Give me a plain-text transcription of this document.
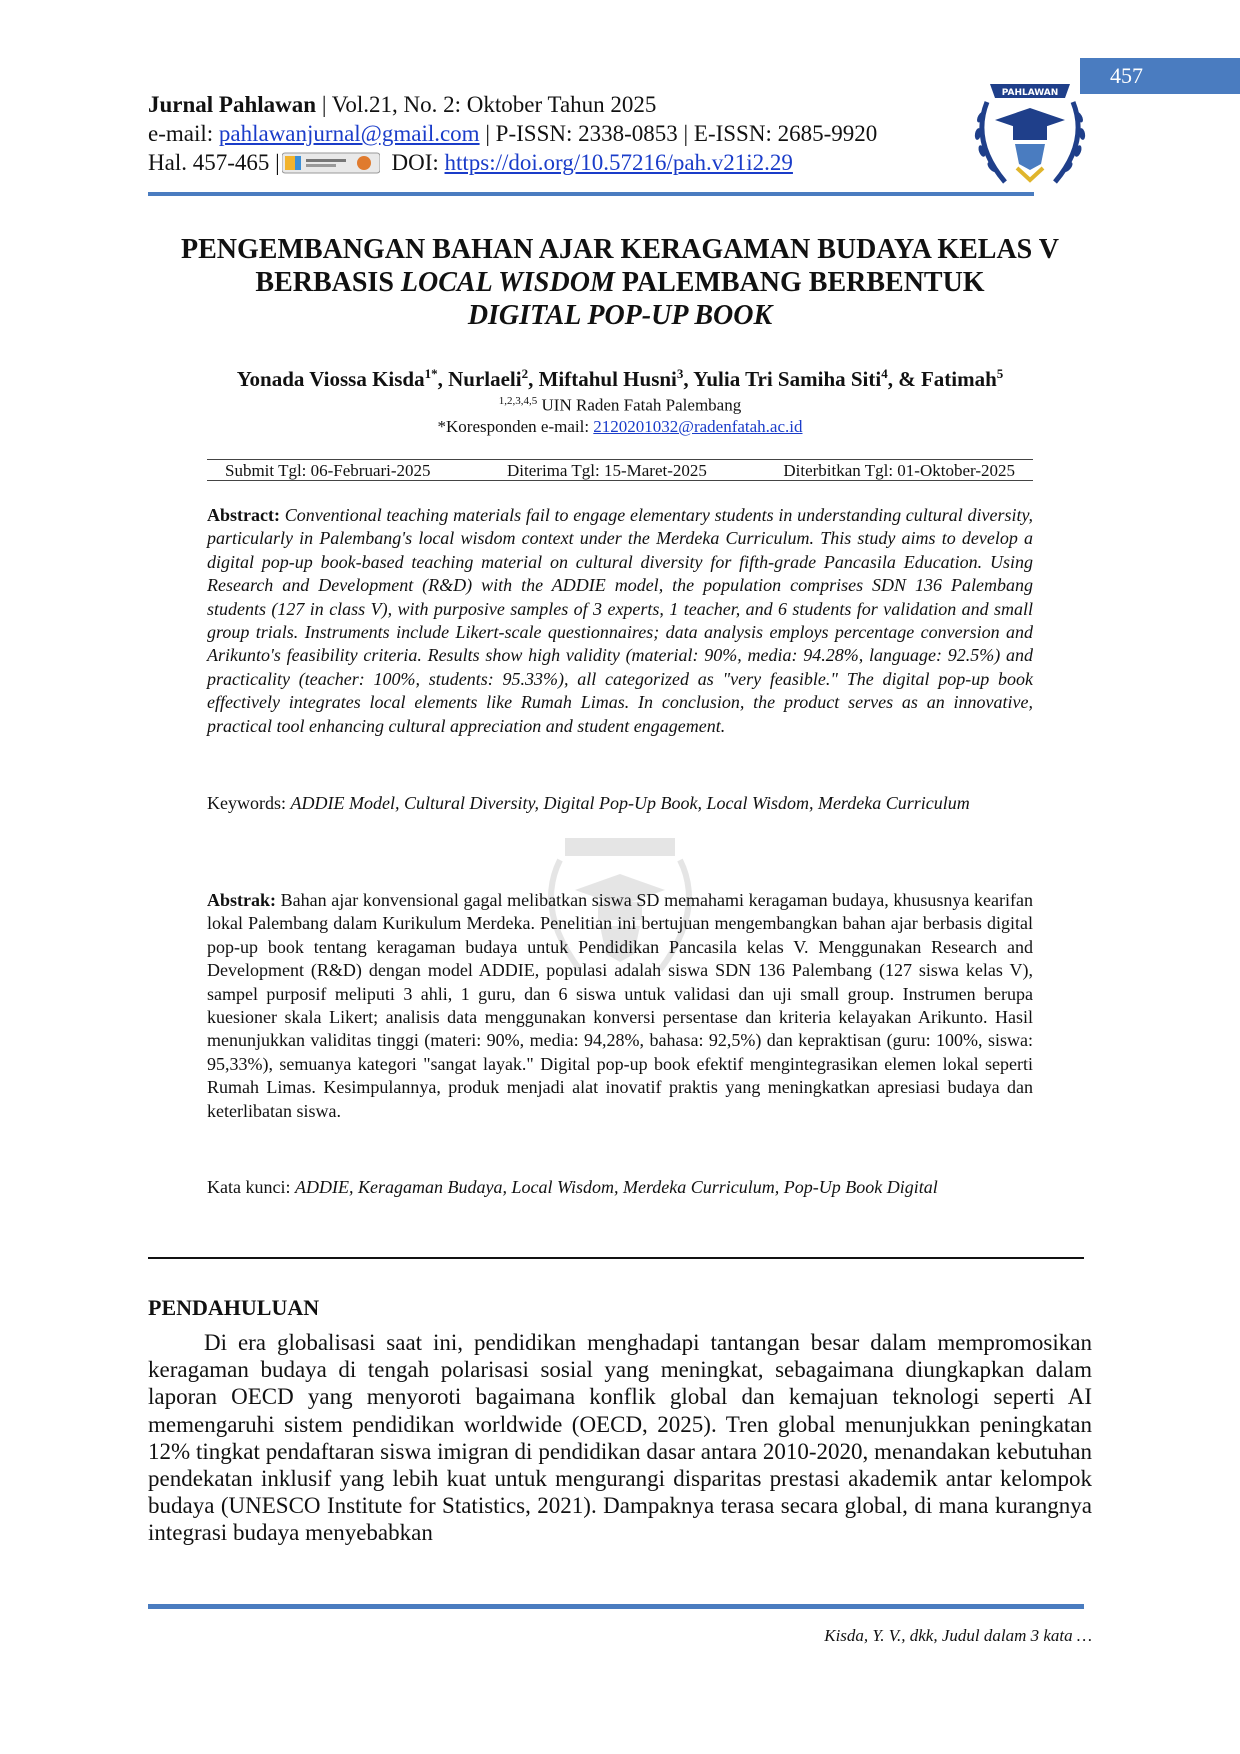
457
Jurnal Pahlawan | Vol.21, No. 2: Oktober Tahun 2025
e-mail: pahlawanjurnal@gmail.com | P-ISSN: 2338-0853 | E-ISSN: 2685-9920
Hal. 457-465 |	DOI: https://doi.org/10.57216/pah.v21i2.29
PAHLAWAN
PENGEMBANGAN BAHAN AJAR KERAGAMAN BUDAYA KELAS V
BERBASIS LOCAL WISDOM PALEMBANG BERBENTUK
DIGITAL POP-UP BOOK
Yonada Viossa Kisda$^{1*}$, Nurlaeli$^2$, Miftahul Husni$^3$, Yulia Tri Samiha Siti$^4$, & Fatimah$^5$
$^{1,2,3,4,5}$ UIN Raden Fatah Palembang
*Koresponden e-mail: 2120201032@radenfatah.ac.id
Submit Tgl: 06-Februari-2025	Diterima Tgl: 15-Maret-2025	Diterbitkan Tgl: 01-Oktober-2025
Abstract: Conventional teaching materials fail to engage elementary students in understanding cultural diversity, particularly in Palembang's local wisdom context under the Merdeka Curriculum. This study aims to develop a digital pop-up book-based teaching material on cultural diversity for fifth-grade Pancasila Education. Using Research and Development (R&D) with the ADDIE model, the population comprises SDN 136 Palembang students (127 in class V), with purposive samples of 3 experts, 1 teacher, and 6 students for validation and small group trials. Instruments include Likert-scale questionnaires; data analysis employs percentage conversion and Arikunto's feasibility criteria. Results show high validity (material: 90%, media: 94.28%, language: 92.5%) and practicality (teacher: 100%, students: 95.33%), all categorized as "very feasible." The digital pop-up book effectively integrates local elements like Rumah Limas. In conclusion, the product serves as an innovative, practical tool enhancing cultural appreciation and student engagement.
Keywords: ADDIE Model, Cultural Diversity, Digital Pop-Up Book, Local Wisdom, Merdeka Curriculum
Abstrak: Bahan ajar konvensional gagal melibatkan siswa SD memahami keragaman budaya, khususnya kearifan lokal Palembang dalam Kurikulum Merdeka. Penelitian ini bertujuan mengembangkan bahan ajar berbasis digital pop-up book tentang keragaman budaya untuk Pendidikan Pancasila kelas V. Menggunakan Research and Development (R&D) dengan model ADDIE, populasi adalah siswa SDN 136 Palembang (127 siswa kelas V), sampel purposif meliputi 3 ahli, 1 guru, dan 6 siswa untuk validasi dan uji small group. Instrumen berupa kuesioner skala Likert; analisis data menggunakan konversi persentase dan kriteria kelayakan Arikunto. Hasil menunjukkan validitas tinggi (materi: 90%, media: 94,28%, bahasa: 92,5%) dan kepraktisan (guru: 100%, siswa: 95,33%), semuanya kategori "sangat layak." Digital pop-up book efektif mengintegrasikan elemen lokal seperti Rumah Limas. Kesimpulannya, produk menjadi alat inovatif praktis yang meningkatkan apresiasi budaya dan keterlibatan siswa.
Kata kunci: ADDIE, Keragaman Budaya, Local Wisdom, Merdeka Curriculum, Pop-Up Book Digital
PENDAHULUAN
Di era globalisasi saat ini, pendidikan menghadapi tantangan besar dalam mempromosikan keragaman budaya di tengah polarisasi sosial yang meningkat, sebagaimana diungkapkan dalam laporan OECD yang menyoroti bagaimana konflik global dan kemajuan teknologi seperti AI memengaruhi sistem pendidikan worldwide (OECD, 2025). Tren global menunjukkan peningkatan 12% tingkat pendaftaran siswa imigran di pendidikan dasar antara 2010-2020, menandakan kebutuhan pendekatan inklusif yang lebih kuat untuk mengurangi disparitas prestasi akademik antar kelompok budaya (UNESCO Institute for Statistics, 2021). Dampaknya terasa secara global, di mana kurangnya integrasi budaya menyebabkan
Kisda, Y. V., dkk, Judul dalam 3 kata …
